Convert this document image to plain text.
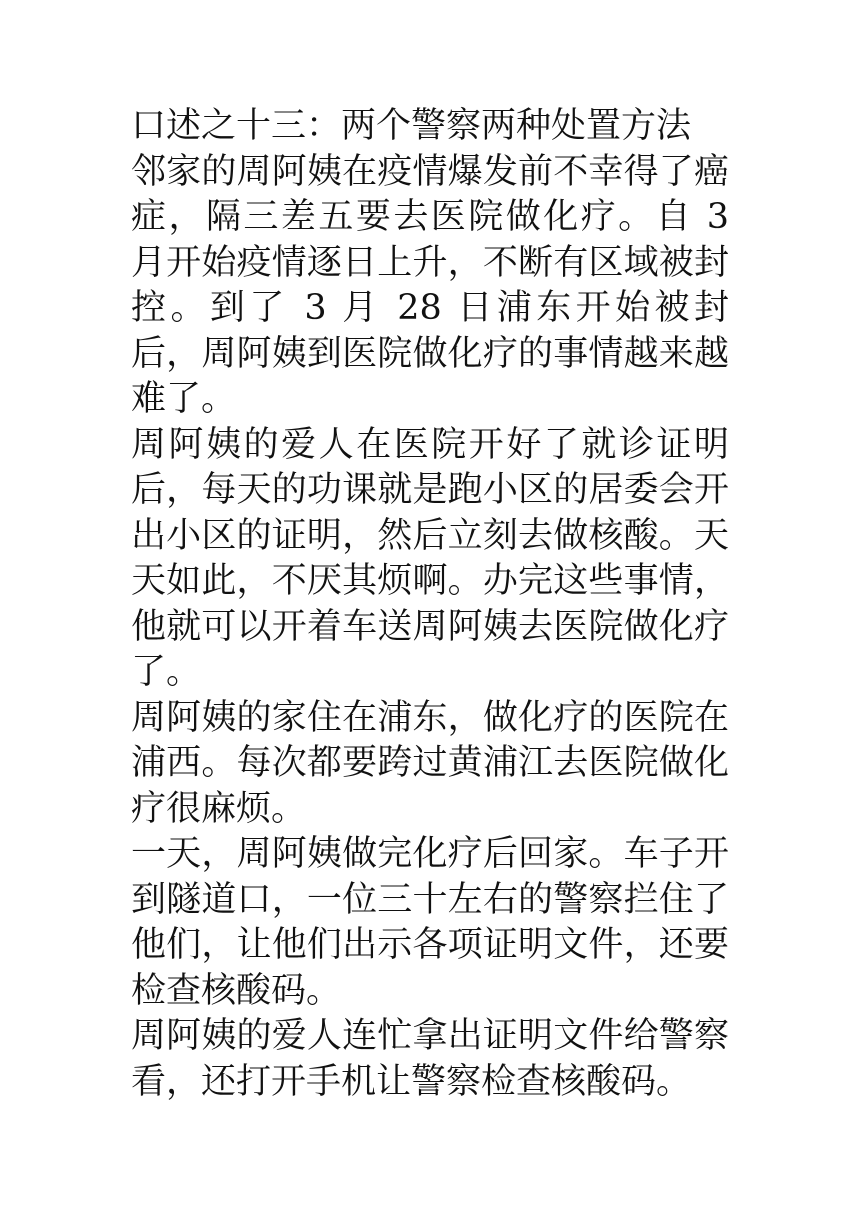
口述之十三：两个警察两种处置方法

邻家的周阿姨在疫情爆发前不幸得了癌症，隔三差五要去医院做化疗。自 3 月开始疫情逐日上升，不断有区域被封控。到了 3 月 28 日浦东开始被封后，周阿姨到医院做化疗的事情越来越难了。

周阿姨的爱人在医院开好了就诊证明后，每天的功课就是跑小区的居委会开出小区的证明，然后立刻去做核酸。天天如此，不厌其烦啊。办完这些事情，他就可以开着车送周阿姨去医院做化疗了。

周阿姨的家住在浦东，做化疗的医院在浦西。每次都要跨过黄浦江去医院做化疗很麻烦。

一天，周阿姨做完化疗后回家。车子开到隧道口，一位三十左右的警察拦住了他们，让他们出示各项证明文件，还要检查核酸码。

周阿姨的爱人连忙拿出证明文件给警察看，还打开手机让警察检查核酸码。
